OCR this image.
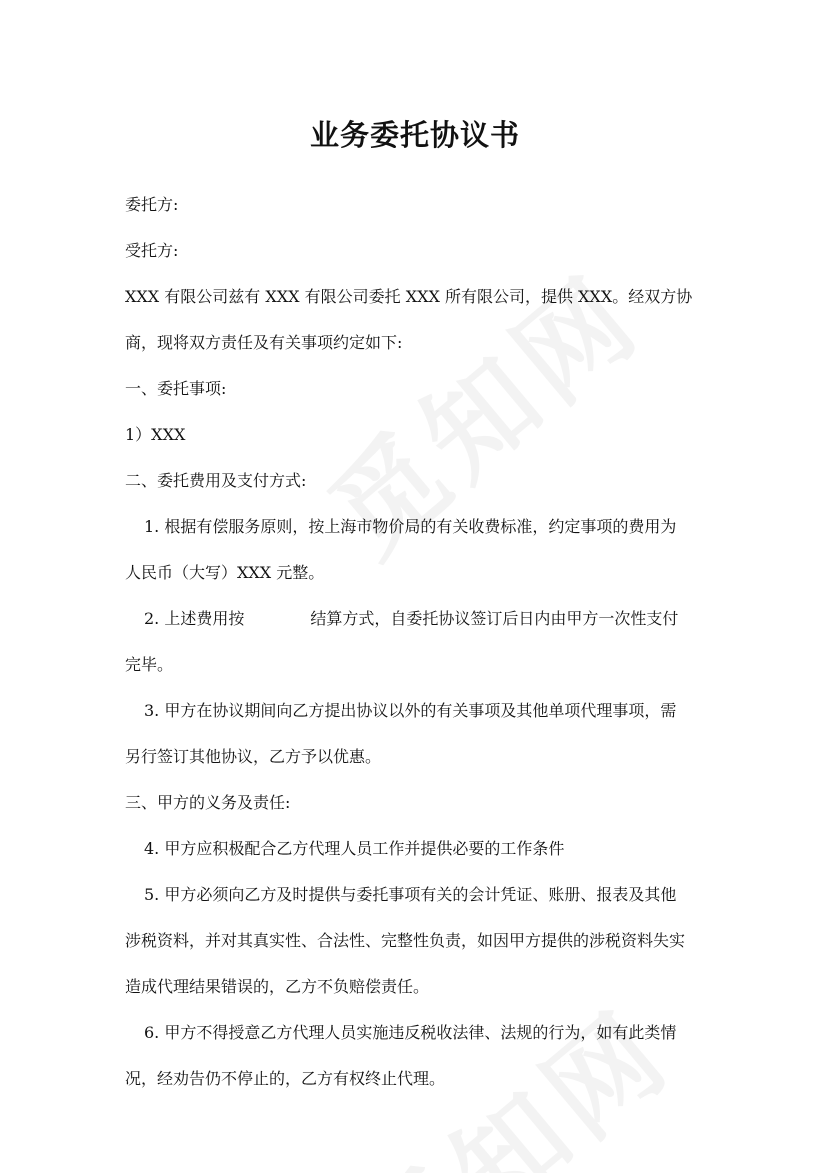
业务委托协议书

委托方:

受托方:

XXX 有限公司兹有 XXX 有限公司委托 XXX 所有限公司，提供 XXX。经双方协

商，现将双方责任及有关事项约定如下:

一、委托事项:

1）XXX

二、委托费用及支付方式:

1. 根据有偿服务原则，按上海市物价局的有关收费标准，约定事项的费用为

人民币（大写）XXX 元整。

2. 上述费用按	结算方式，自委托协议签订后日内由甲方一次性支付

完毕。

3. 甲方在协议期间向乙方提出协议以外的有关事项及其他单项代理事项，需

另行签订其他协议，乙方予以优惠。

三、甲方的义务及责任:

4. 甲方应积极配合乙方代理人员工作并提供必要的工作条件

5. 甲方必须向乙方及时提供与委托事项有关的会计凭证、账册、报表及其他

涉税资料，并对其真实性、合法性、完整性负责，如因甲方提供的涉税资料失实

造成代理结果错误的，乙方不负赔偿责任。

6. 甲方不得授意乙方代理人员实施违反税收法律、法规的行为，如有此类情

况，经劝告仍不停止的，乙方有权终止代理。
